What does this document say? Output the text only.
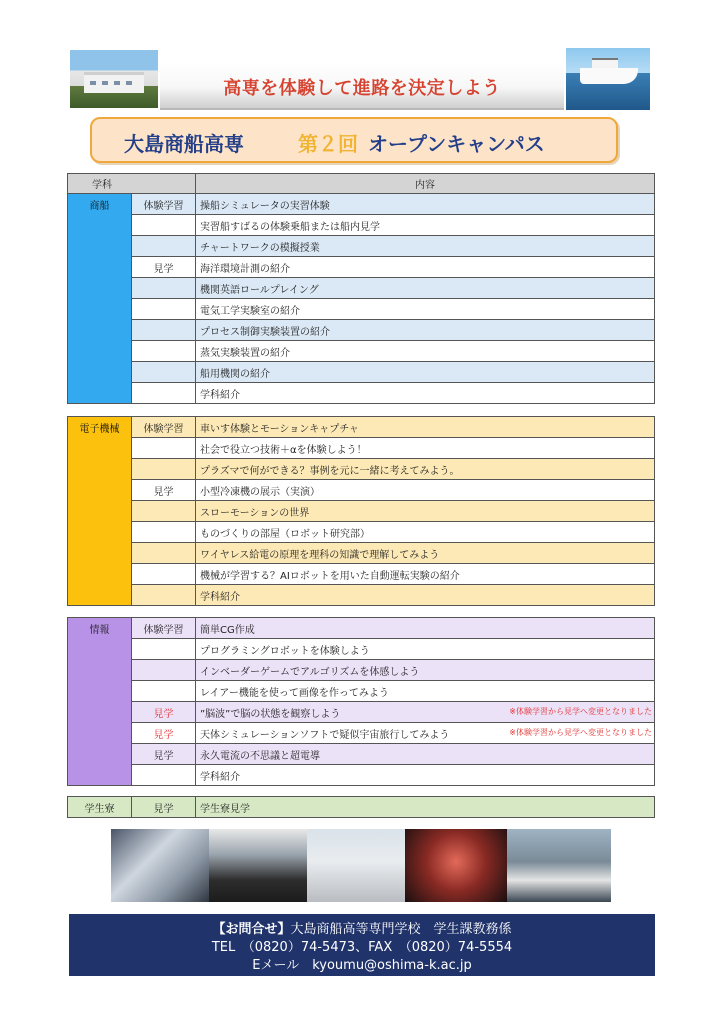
高専を体験して進路を決定しよう
大島商船高専	第２回 オープンキャンパス
学科		内容
商船	体験学習	操船シミュレータの実習体験
		実習船すばるの体験乗船または船内見学
		チャートワークの模擬授業
	見学	海洋環境計測の紹介
		機関英語ロールプレイング
		電気工学実験室の紹介
		プロセス制御実験装置の紹介
		蒸気実験装置の紹介
		船用機関の紹介
		学科紹介
電子機械	体験学習	車いす体験とモーションキャプチャ
		社会で役立つ技術＋αを体験しよう！
		プラズマで何ができる？事例を元に一緒に考えてみよう。
	見学	小型冷凍機の展示（実演）
		スローモーションの世界
		ものづくりの部屋（ロボット研究部）
		ワイヤレス給電の原理を理科の知識で理解してみよう
		機械が学習する？AIロボットを用いた自動運転実験の紹介
		学科紹介
情報	体験学習	簡単CG作成
		プログラミングロボットを体験しよう
		インベーダーゲームでアルゴリズムを体感しよう
		レイアー機能を使って画像を作ってみよう
	見学	”脳波”で脳の状態を観察しよう ※体験学習から見学へ変更となりました

	見学	天体シミュレーションソフトで疑似宇宙旅行してみよう ※体験学習から見学へ変更となりました

	見学	永久電流の不思議と超電導
		学科紹介
学生寮	見学	学生寮見学
【お問合せ】大島商船高等専門学校　学生課教務係
TEL　（0820）74-5473、FAX　（0820）74-5554
Eメール　kyoumu@oshima-k.ac.jp
